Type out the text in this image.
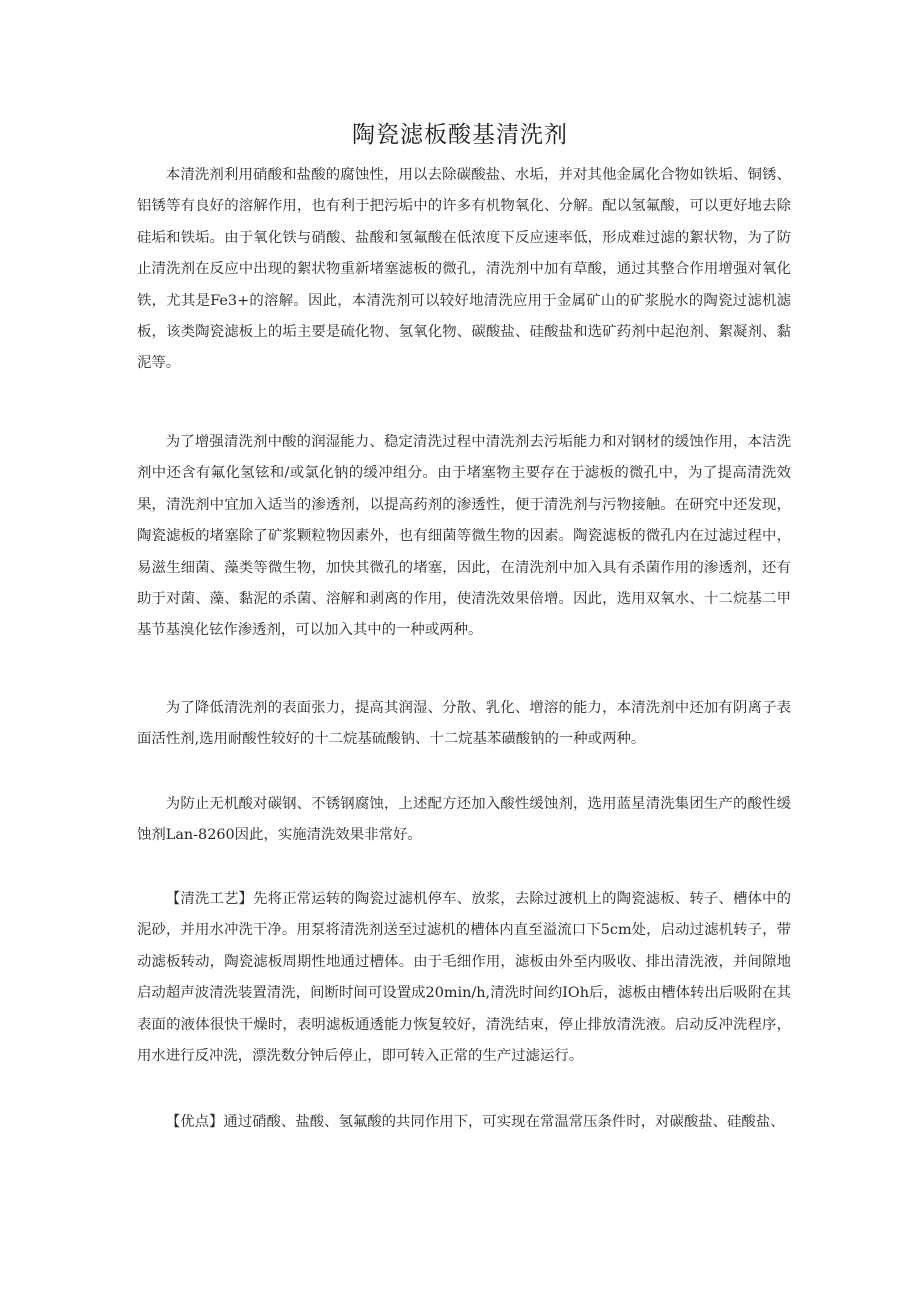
陶瓷滤板酸基清洗剂

本清洗剂利用硝酸和盐酸的腐蚀性，用以去除碳酸盐、水垢，并对其他金属化合物如铁垢、铜锈、铝锈等有良好的溶解作用，也有利于把污垢中的许多有机物氧化、分解。配以氢氟酸，可以更好地去除硅垢和铁垢。由于氧化铁与硝酸、盐酸和氢氟酸在低浓度下反应速率低，形成难过滤的絮状物，为了防止清洗剂在反应中出现的絮状物重新堵塞滤板的微孔，清洗剂中加有草酸，通过其整合作用增强对氧化铁，尤其是Fe3+的溶解。因此，本清洗剂可以较好地清洗应用于金属矿山的矿浆脱水的陶瓷过滤机滤板，该类陶瓷滤板上的垢主要是硫化物、氢氧化物、碳酸盐、硅酸盐和选矿药剂中起泡剂、絮凝剂、黏泥等。

为了增强清洗剂中酸的润湿能力、稳定清洗过程中清洗剂去污垢能力和对钢材的缓蚀作用，本洁洗剂中还含有氟化氢铉和/或氯化钠的缓冲组分。由于堵塞物主要存在于滤板的微孔中，为了提高清洗效果，清洗剂中宜加入适当的渗透剂，以提高药剂的渗透性，便于清洗剂与污物接触。在研究中还发现，陶瓷滤板的堵塞除了矿浆颗粒物因素外，也有细菌等微生物的因素。陶瓷滤板的微孔内在过滤过程中，易滋生细菌、藻类等微生物，加快其微孔的堵塞，因此，在清洗剂中加入具有杀菌作用的渗透剂，还有助于对菌、藻、黏泥的杀菌、溶解和剥离的作用，使清洗效果倍增。因此，选用双氧水、十二烷基二甲基节基溴化铉作渗透剂，可以加入其中的一种或两种。

为了降低清洗剂的表面张力，提高其润湿、分散、乳化、增溶的能力，本清洗剂中还加有阴离子表面活性剂,选用耐酸性较好的十二烷基硫酸钠、十二烷基苯磺酸钠的一种或两种。

为防止无机酸对碳钢、不锈钢腐蚀，上述配方还加入酸性缓蚀剂，选用蓝星清洗集团生产的酸性缓蚀剂Lan-8260因此，实施清洗效果非常好。

【清洗工艺】先将正常运转的陶瓷过滤机停车、放浆，去除过渡机上的陶瓷滤板、转子、槽体中的泥砂，并用水冲洗干净。用泵将清洗剂送至过滤机的槽体内直至溢流口下5cm处，启动过滤机转子，带动滤板转动，陶瓷滤板周期性地通过槽体。由于毛细作用，滤板由外至内吸收、排出清洗液，并间隙地启动超声波清洗装置清洗，间断时间可设置成20min∕h,清洗时间约IOh后，滤板由槽体转出后吸附在其表面的液体很快干燥时，表明滤板通透能力恢复较好，清洗结束，停止排放清洗液。启动反冲洗程序，用水进行反冲洗，漂洗数分钟后停止，即可转入正常的生产过滤运行。

【优点】通过硝酸、盐酸、氢氟酸的共同作用下，可实现在常温常压条件时，对碳酸盐、硅酸盐、
